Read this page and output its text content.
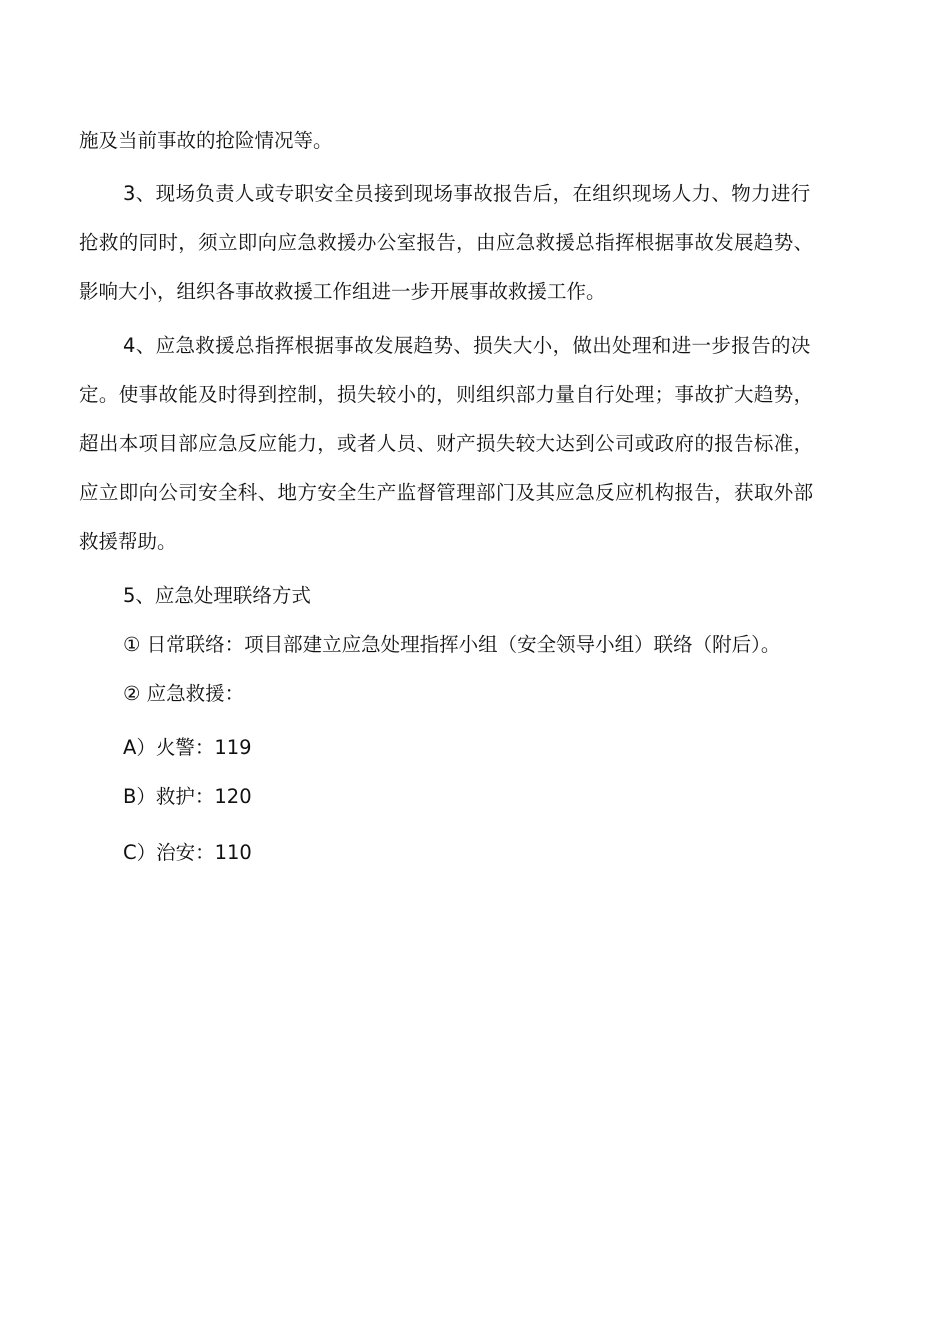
施及当前事故的抢险情况等。
3、现场负责人或专职安全员接到现场事故报告后，在组织现场人力、物力进行
抢救的同时，须立即向应急救援办公室报告，由应急救援总指挥根据事故发展趋势、
影响大小，组织各事故救援工作组进一步开展事故救援工作。
4、应急救援总指挥根据事故发展趋势、损失大小，做出处理和进一步报告的决
定。使事故能及时得到控制，损失较小的，则组织部力量自行处理；事故扩大趋势，
超出本项目部应急反应能力，或者人员、财产损失较大达到公司或政府的报告标准，
应立即向公司安全科、地方安全生产监督管理部门及其应急反应机构报告，获取外部
救援帮助。
5、应急处理联络方式
① 日常联络：项目部建立应急处理指挥小组（安全领导小组）联络（附后）。
② 应急救援：
A）火警：119
B）救护：120
C）治安：110
